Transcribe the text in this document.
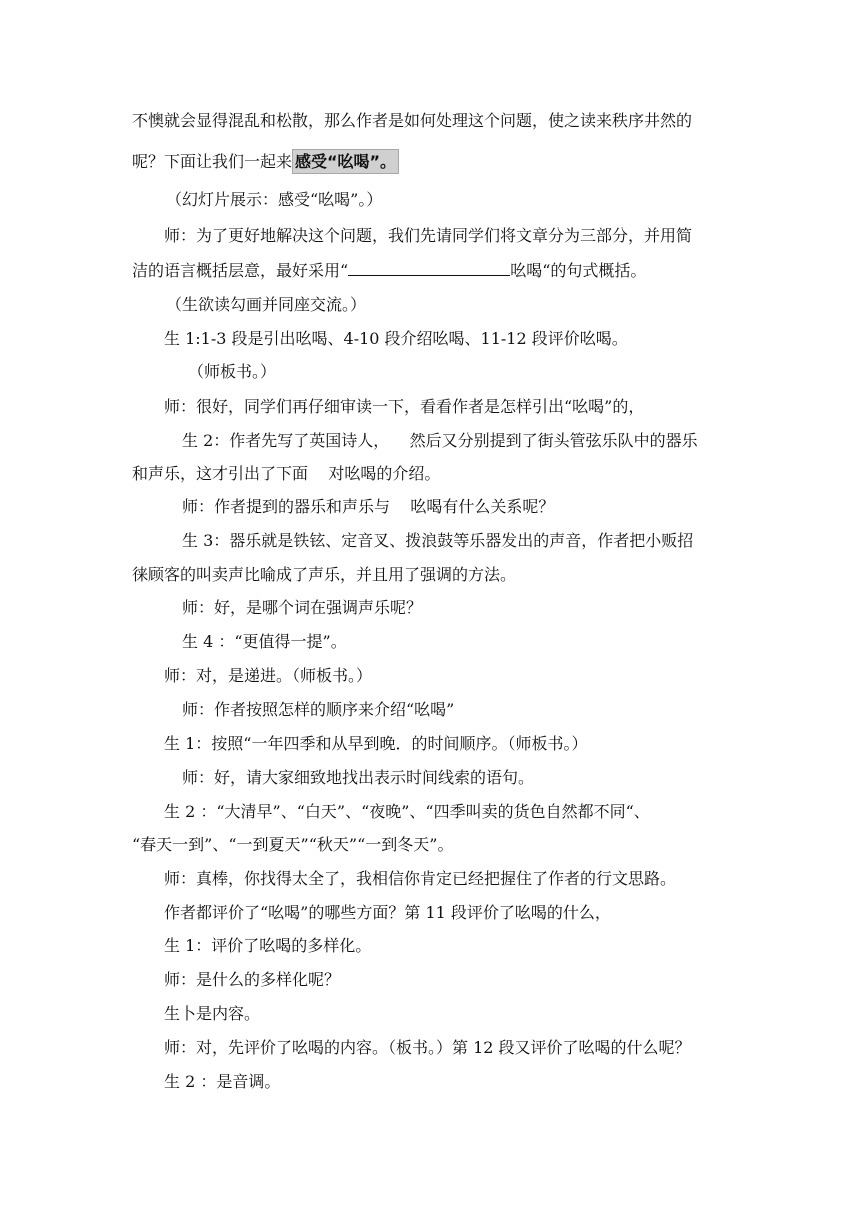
不懊就会显得混乱和松散，那么作者是如何处理这个问题，使之读来秩序井然的
呢？下面让我们一起来 感受“吆喝”。
（幻灯片展示：感受“吆喝”。）
师：为了更好地解决这个问题，我们先请同学们将文章分为三部分，并用简
洁的语言概括层意，最好采用“	吆喝“的句式概括。
（生欲读勾画并同座交流。）
生 1:1-3 段是引出吆喝、4-10 段介绍吆喝、11-12 段评价吆喝。
（师板书。）
师：很好，同学们再仔细审读一下，看看作者是怎样引出“吆喝”的，
生 2：作者先写了英国诗人，    然后又分别提到了街头管弦乐队中的器乐
和声乐，这才引出了下面    对吆喝的介绍。
师：作者提到的器乐和声乐与    吆喝有什么关系呢？
生 3：器乐就是铁铉、定音叉、拨浪鼓等乐器发出的声音，作者把小贩招
徕顾客的叫卖声比喻成了声乐，并且用了强调的方法。
师：好，是哪个词在强调声乐呢？
生 4 ：“更值得一提”。
师：对，是递进。（师板书。）
师：作者按照怎样的顺序来介绍“吆喝”
生 1：按照“一年四季和从早到晚．的时间顺序。（师板书。）
师：好，请大家细致地找出表示时间线索的语句。
生 2 ：“大清早”、“白天”、“夜晚”、“四季叫卖的货色自然都不同“、
“春天一到”、“一到夏天”“秋天”“一到冬天”。
师：真棒，你找得太全了，我相信你肯定已经把握住了作者的行文思路。
作者都评价了“吆喝”的哪些方面？第 11 段评价了吆喝的什么，
生 1：评价了吆喝的多样化。
师：是什么的多样化呢？
生卜是内容。
师：对，先评价了吆喝的内容。（板书。）第 12 段又评价了吆喝的什么呢？
生 2 ：是音调。
